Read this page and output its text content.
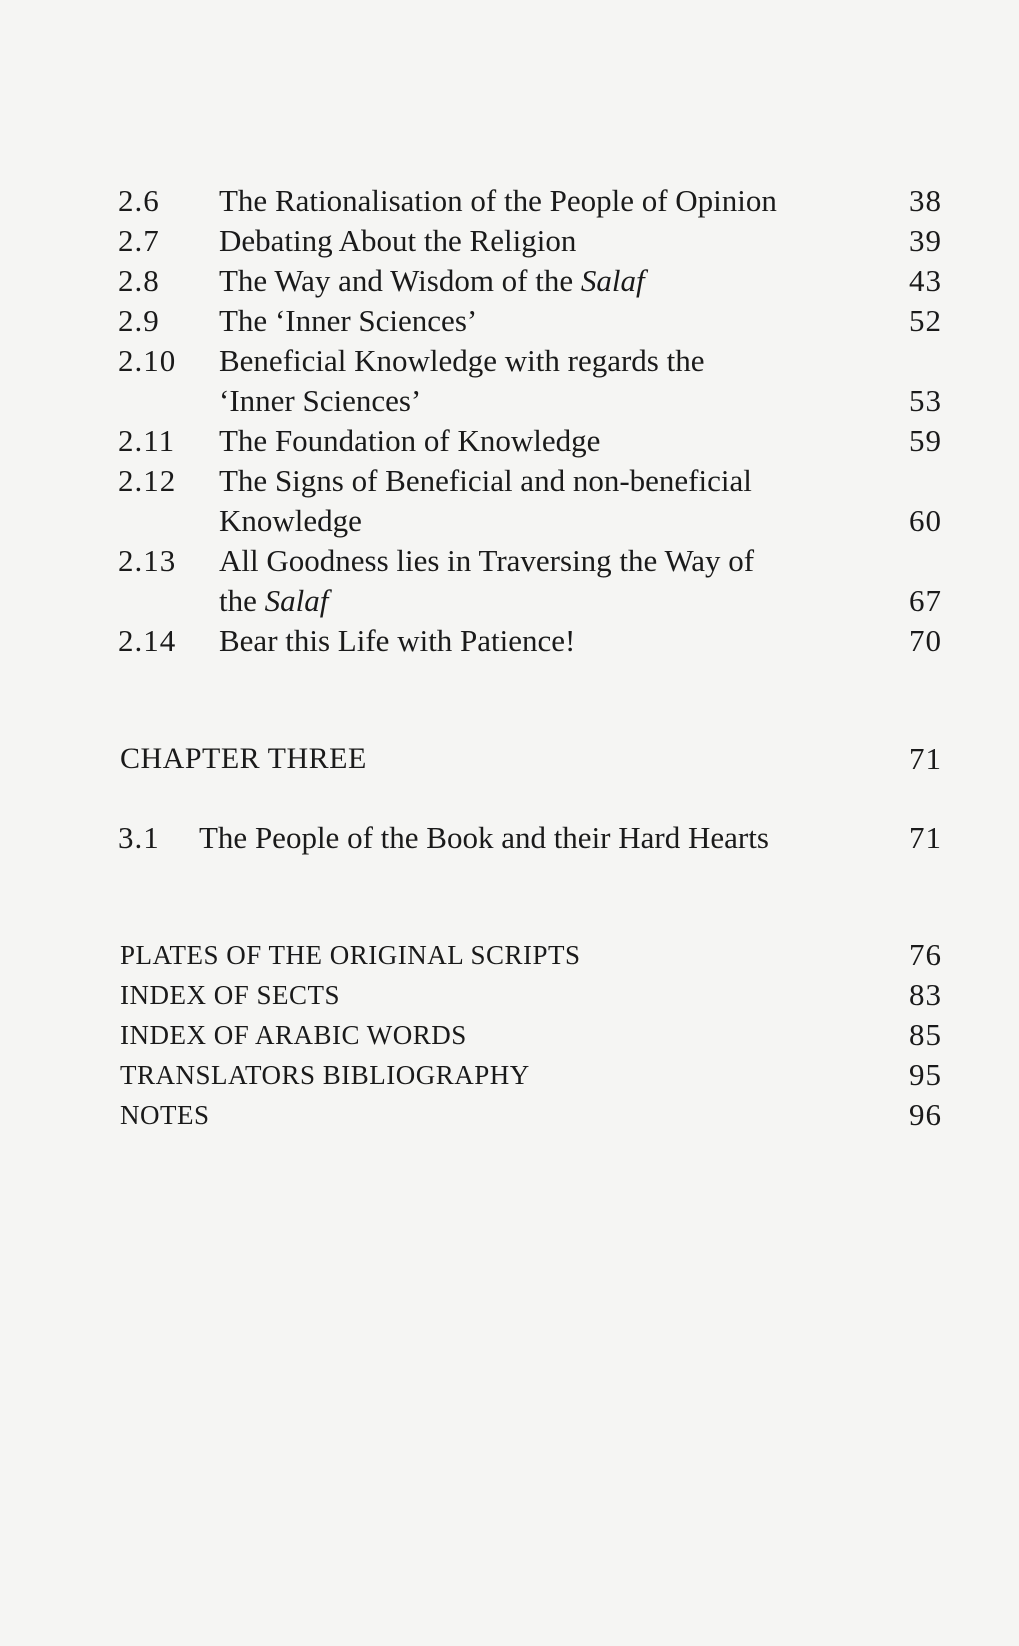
2.6 The Rationalisation of the People of Opinion	38
2.7 Debating About the Religion	39
2.8 The Way and Wisdom of the Salaf	43
2.9 The ‘Inner Sciences’	52
2.10 Beneficial Knowledge with regards the
‘Inner Sciences’	53
2.11 The Foundation of Knowledge	59
2.12 The Signs of Beneficial and non-beneficial
Knowledge	60
2.13 All Goodness lies in Traversing the Way of
the Salaf	67
2.14 Bear this Life with Patience!	70
CHAPTER THREE	71
3.1 The People of the Book and their Hard Hearts	71
PLATES OF THE ORIGINAL SCRIPTS	76
INDEX OF SECTS	83
INDEX OF ARABIC WORDS	85
TRANSLATORS BIBLIOGRAPHY	95
NOTES	96
